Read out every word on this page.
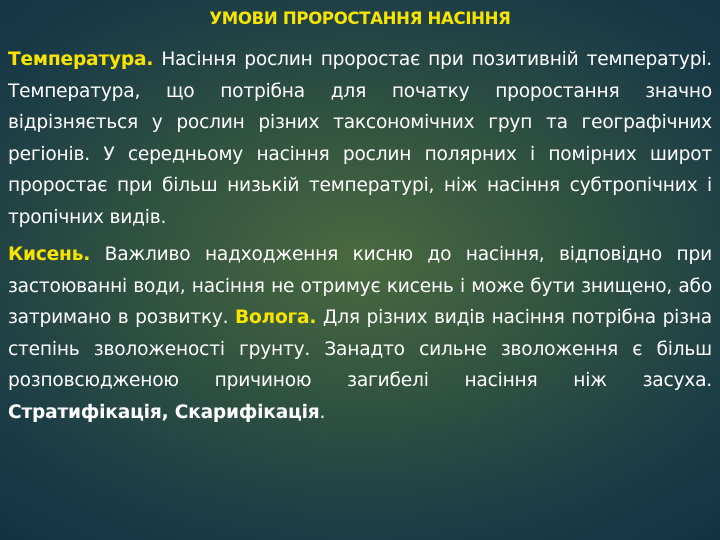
УМОВИ ПРОРОСТАННЯ НАСІННЯ

Температура. Насіння рослин проростає при позитивній температурі. Температура, що потрібна для початку проростання значно відрізняється у рослин різних таксономічних груп та географічних регіонів. У середньому насіння рослин полярних і помірних широт проростає при більш низькій температурі, ніж насіння субтропічних і тропічних видів.

Кисень. Важливо надходження кисню до насіння, відповідно при застоюванні води, насіння не отримує кисень і може бути знищено, або затримано в розвитку. Волога. Для різних видів насіння потрібна різна степінь зволоженості грунту. Занадто сильне зволоження є більш розповсюдженою причиною загибелі насіння ніж засуха. Стратифікація, Скарифікація.
